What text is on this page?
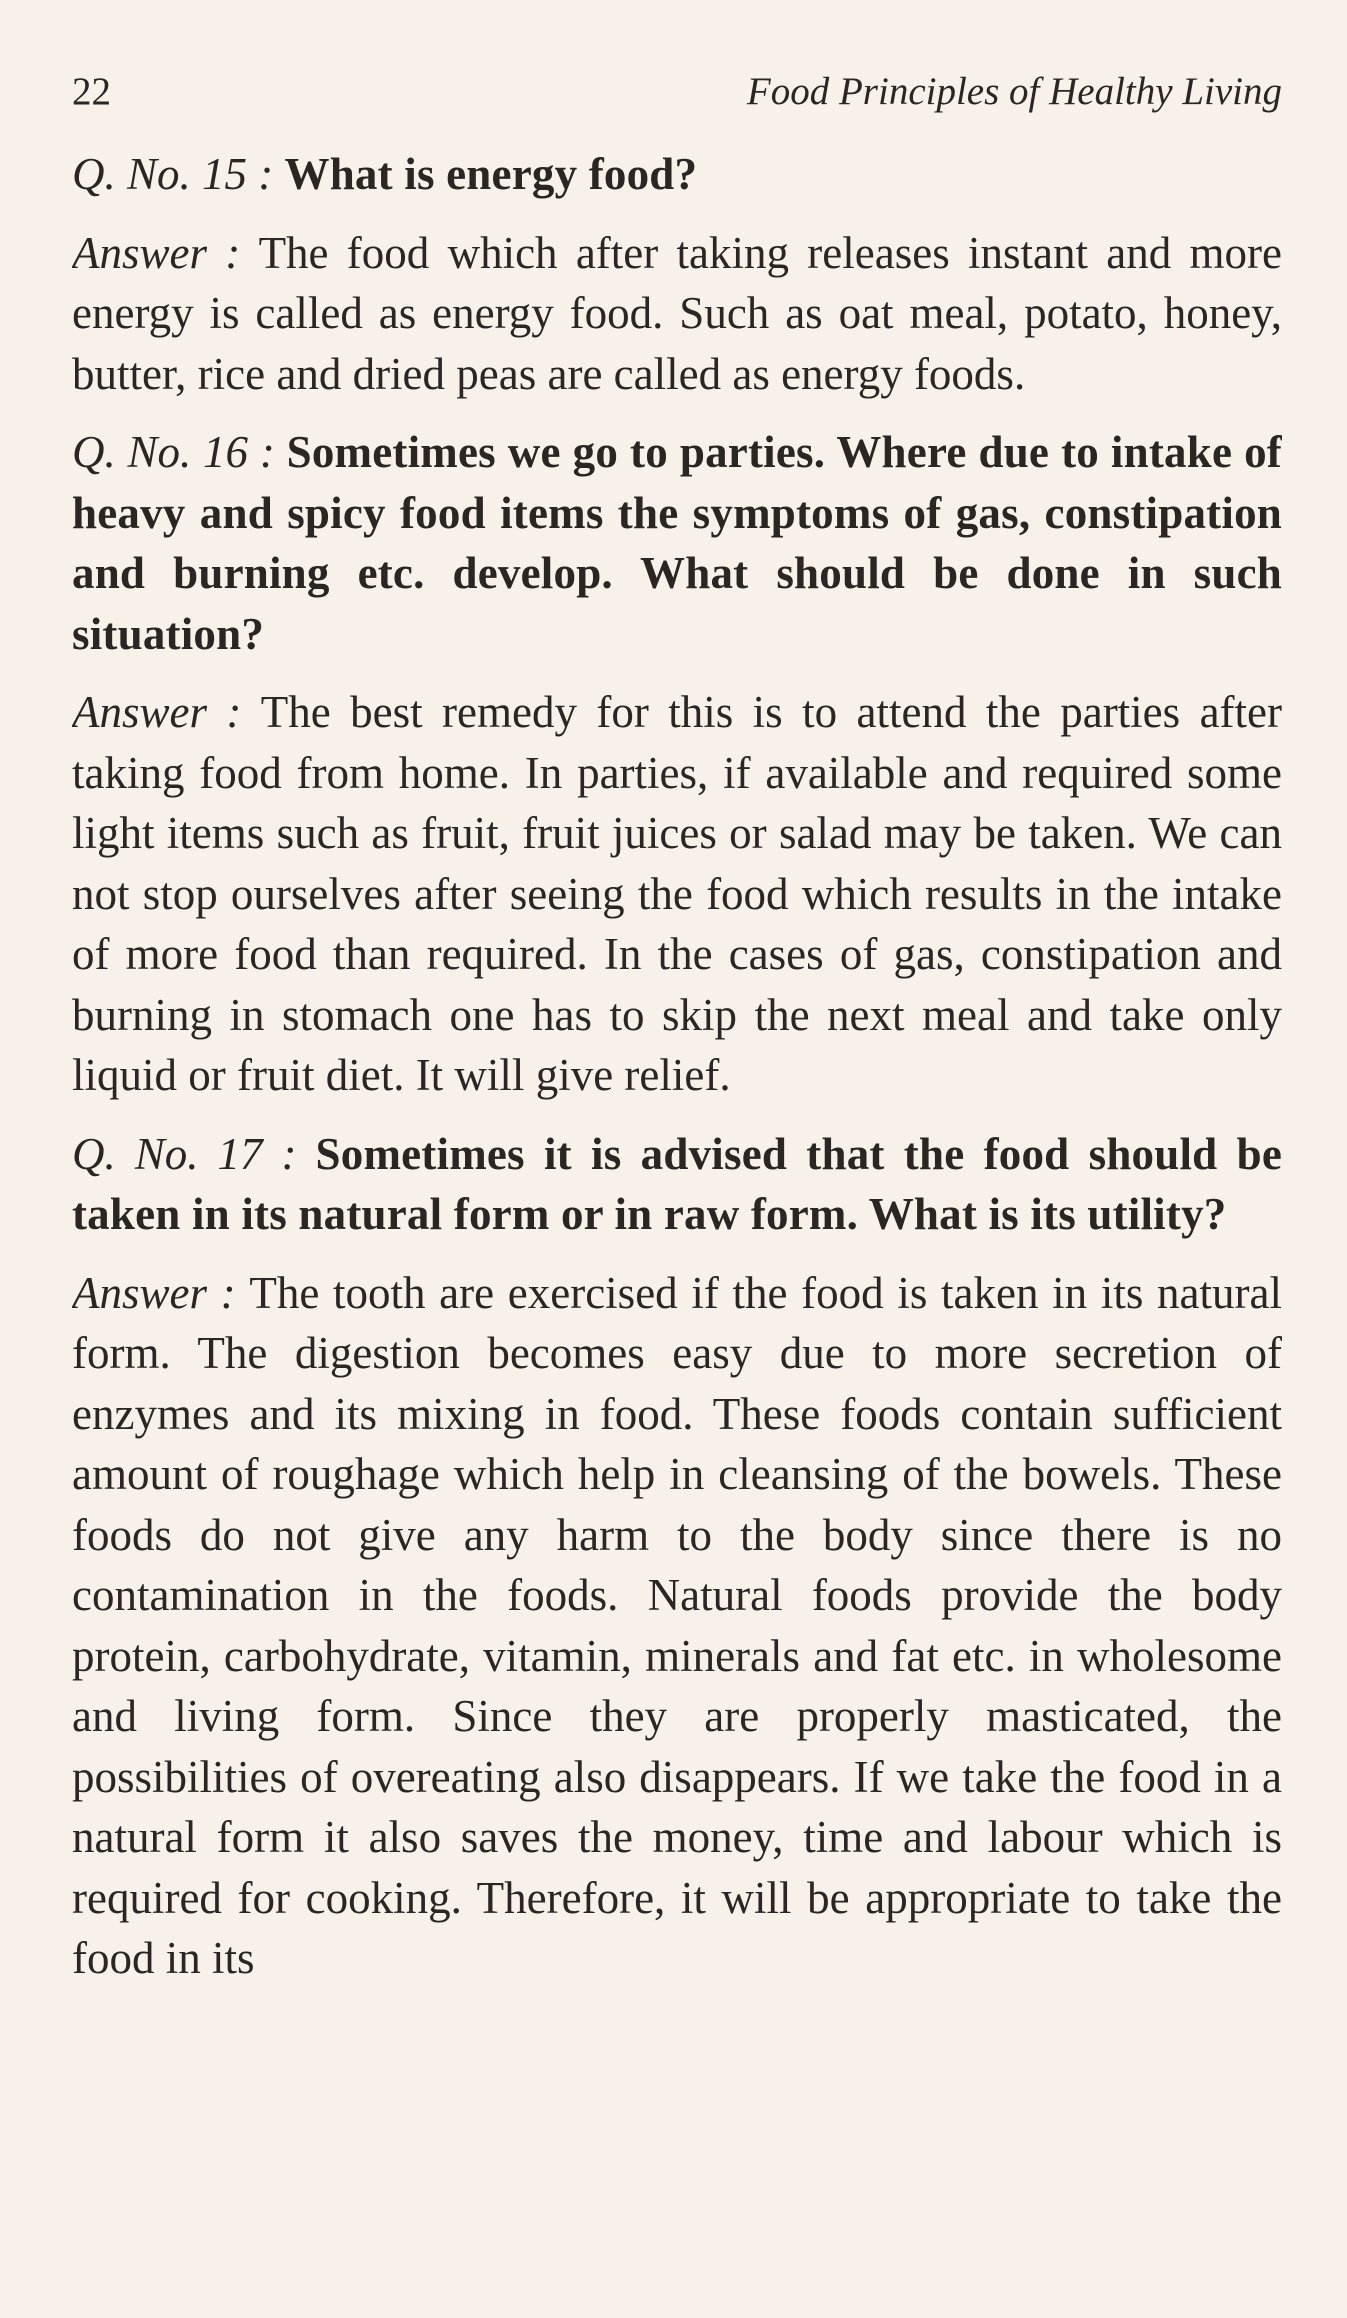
22	Food Principles of Healthy Living

Q. No. 15 : What is energy food?

Answer : The food which after taking releases instant and more energy is called as energy food. Such as oat meal, potato, honey, butter, rice and dried peas are called as energy foods.

Q. No. 16 : Sometimes we go to parties. Where due to intake of heavy and spicy food items the symptoms of gas, constipation and burning etc. develop. What should be done in such situation?

Answer : The best remedy for this is to attend the parties after taking food from home. In parties, if available and required some light items such as fruit, fruit juices or salad may be taken. We can not stop ourselves after seeing the food which results in the intake of more food than required. In the cases of gas, constipation and burning in stomach one has to skip the next meal and take only liquid or fruit diet. It will give relief.

Q. No. 17 : Sometimes it is advised that the food should be taken in its natural form or in raw form. What is its utility?

Answer : The tooth are exercised if the food is taken in its natural form. The digestion becomes easy due to more secretion of enzymes and its mixing in food. These foods contain sufficient amount of roughage which help in cleansing of the bowels. These foods do not give any harm to the body since there is no contamination in the foods. Natural foods provide the body protein, carbohydrate, vitamin, minerals and fat etc. in wholesome and living form. Since they are properly masticated, the possibilities of overeating also disappears. If we take the food in a natural form it also saves the money, time and labour which is required for cooking. Therefore, it will be appropriate to take the food in its
